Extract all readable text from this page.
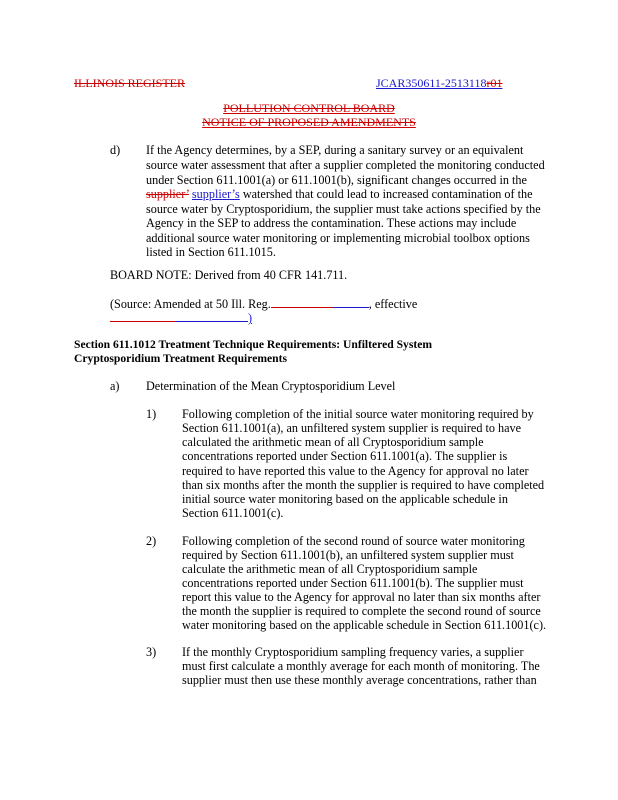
ILLINOIS REGISTER	JCAR350611-2513118r01
POLLUTION CONTROL BOARD
NOTICE OF PROPOSED AMENDMENTS
d) If the Agency determines, by a SEP, during a sanitary survey or an equivalent
source water assessment that after a supplier completed the monitoring conducted
under Section 611.1001(a) or 611.1001(b), significant changes occurred in the
supplier’ supplier’s watershed that could lead to increased contamination of the
source water by Cryptosporidium, the supplier must take actions specified by the
Agency in the SEP to address the contamination. These actions may include
additional source water monitoring or implementing microbial toolbox options
listed in Section 611.1015.
BOARD NOTE: Derived from 40 CFR 141.711.
(Source: Amended at 50 Ill. Reg.	, effective
)
Section 611.1012 Treatment Technique Requirements: Unfiltered System
Cryptosporidium Treatment Requirements
a) Determination of the Mean Cryptosporidium Level
1) Following completion of the initial source water monitoring required by
Section 611.1001(a), an unfiltered system supplier is required to have
calculated the arithmetic mean of all Cryptosporidium sample
concentrations reported under Section 611.1001(a). The supplier is
required to have reported this value to the Agency for approval no later
than six months after the month the supplier is required to have completed
initial source water monitoring based on the applicable schedule in
Section 611.1001(c).
2) Following completion of the second round of source water monitoring
required by Section 611.1001(b), an unfiltered system supplier must
calculate the arithmetic mean of all Cryptosporidium sample
concentrations reported under Section 611.1001(b). The supplier must
report this value to the Agency for approval no later than six months after
the month the supplier is required to complete the second round of source
water monitoring based on the applicable schedule in Section 611.1001(c).
3) If the monthly Cryptosporidium sampling frequency varies, a supplier
must first calculate a monthly average for each month of monitoring. The
supplier must then use these monthly average concentrations, rather than
